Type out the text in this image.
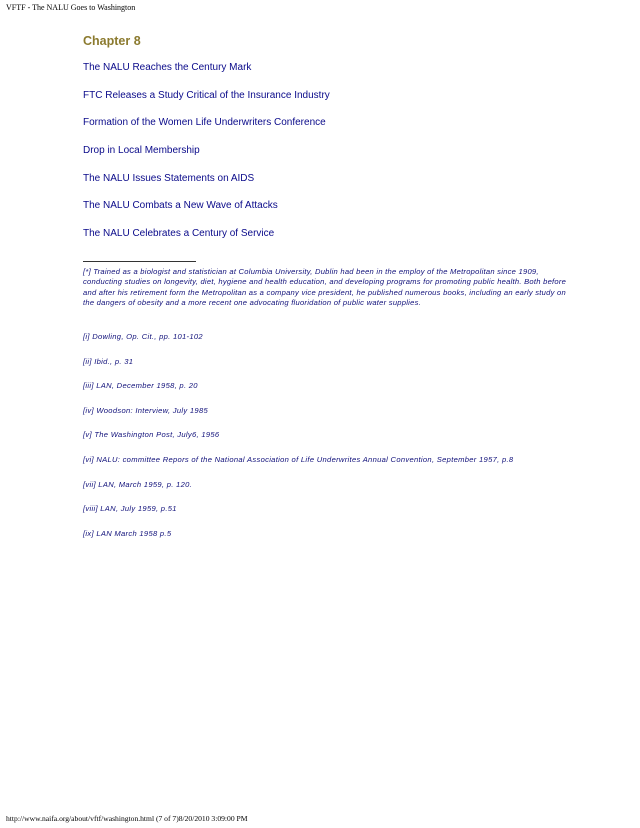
VFTF - The NALU Goes to Washington
Chapter 8
The NALU Reaches the Century Mark
FTC Releases a Study Critical of the Insurance Industry
Formation of the Women Life Underwriters Conference
Drop in Local Membership
The NALU Issues Statements on AIDS
The NALU Combats a New Wave of Attacks
The NALU Celebrates a Century of Service
[*] Trained as a biologist and statistician at Columbia University, Dublin had been in the employ of the Metropolitan since 1909, conducting studies on longevity, diet, hygiene and health education, and developing programs for promoting public health. Both before and after his retirement form the Metropolitan as a company vice president, he published numerous books, including an early study on the dangers of obesity and a more recent one advocating fluoridation of public water supplies.
[i] Dowling, Op. Cit., pp. 101-102
[ii] Ibid., p. 31
[iii] LAN, December 1958, p. 20
[iv] Woodson: Interview, July 1985
[v] The Washington Post, July6, 1956
[vi] NALU: committee Repors of the National Association of Life Underwrites Annual Convention, September 1957, p.8
[vii] LAN, March 1959, p. 120.
[viii] LAN, July 1959, p.51
[ix] LAN March 1958 p.5
http://www.naifa.org/about/vftf/washington.html (7 of 7)8/20/2010 3:09:00 PM
